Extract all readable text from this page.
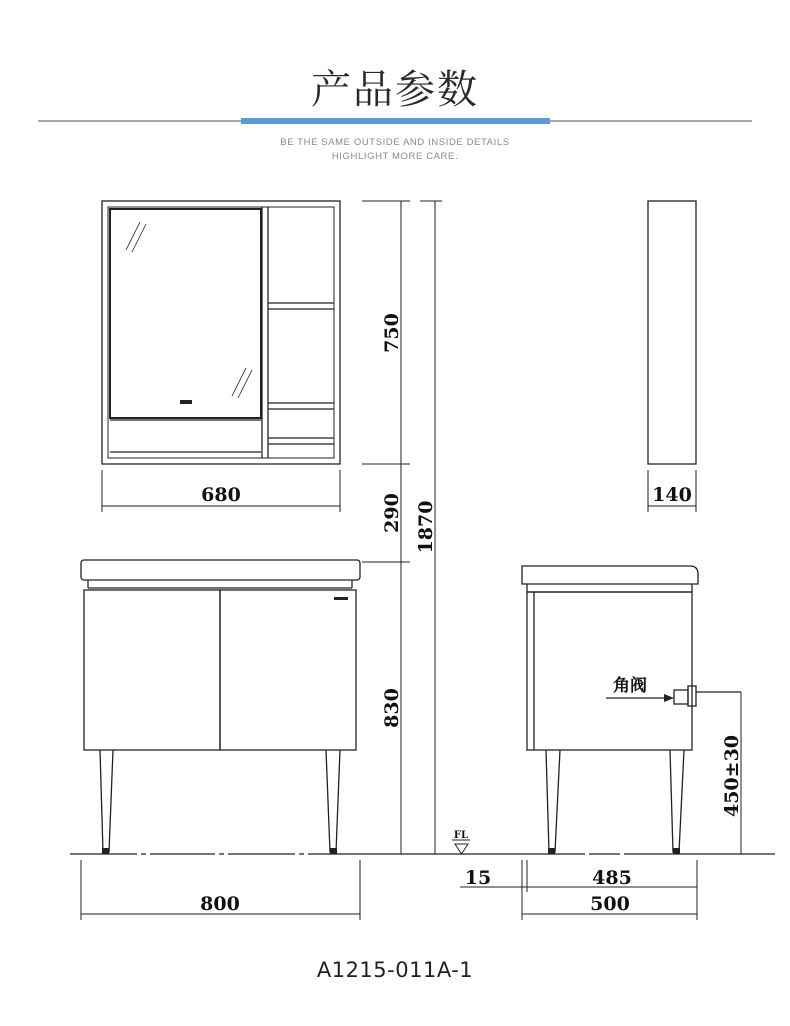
产品参数
BE THE SAME OUTSIDE AND INSIDE DETAILS
HIGHLIGHT MORE CARE.
680	140
800
15	485
500
750
290 1870
830
450±30
角阀
FL
A1215-011A-1
